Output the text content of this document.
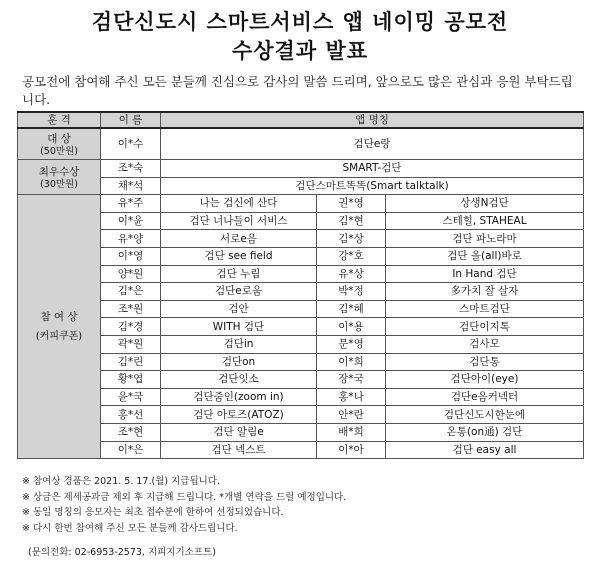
검단신도시 스마트서비스 앱 네이밍 공모전
수상결과 발표
공모전에 참여해 주신 모든 분들께 진심으로 감사의 말씀 드리며, 앞으로도 많은 관심과 응원 부탁드립니다.
훈 격	이 름	앱 명칭		
대 상
(50만원)	이*수	검단e랑		
최우수상
(30만원)	조*숙	SMART-검단		
	채*석	검단스마트똑똑(Smart talktalk)		
참 여 상
(커피쿠폰)	유*주	나는 검신에 산다	권*영	상생N검단
	이*윤	검단 너나들이 서비스	김*현	스테힐, STAHEAL
	유*양	서로e음	김*상	검단 파노라마
	이*영	검단 see field	강*호	검단 올(all)바로
	양*원	검단 누림	유*상	In Hand 검단
	김*은	검단e로움	박*정	多가치 잘 살자
	조*원	검안	김*혜	스마트검단
	김*경	WITH 검단	이*용	검단이지톡
	곽*원	검단in	문*영	검사모
	김*린	검단on	이*희	검단통
	황*엽	검단잇소	장*국	검단아이(eye)
	윤*국	검단줌인(zoom in)	홍*나	검단e음커넥터
	홍*선	검단 아토즈(ATOZ)	안*란	검단신도시한눈에
	조*현	검단 알림e	배*희	온통(on通) 검단
	이*은	검단 넥스트	이*아	검단 easy all
※ 참여상 경품은 2021. 5. 17.(월) 지급됩니다.
※ 상금은 제세공과금 제외 후 지급해 드립니다. *개별 연락을 드릴 예정입니다.
※ 동일 명칭의 응모자는 최초 접수분에 한하여 선정되었습니다.
※ 다시 한번 참여해 주신 모든 분들께 감사드립니다.
(문의전화: 02-6953-2573, 지피지기소프트)
